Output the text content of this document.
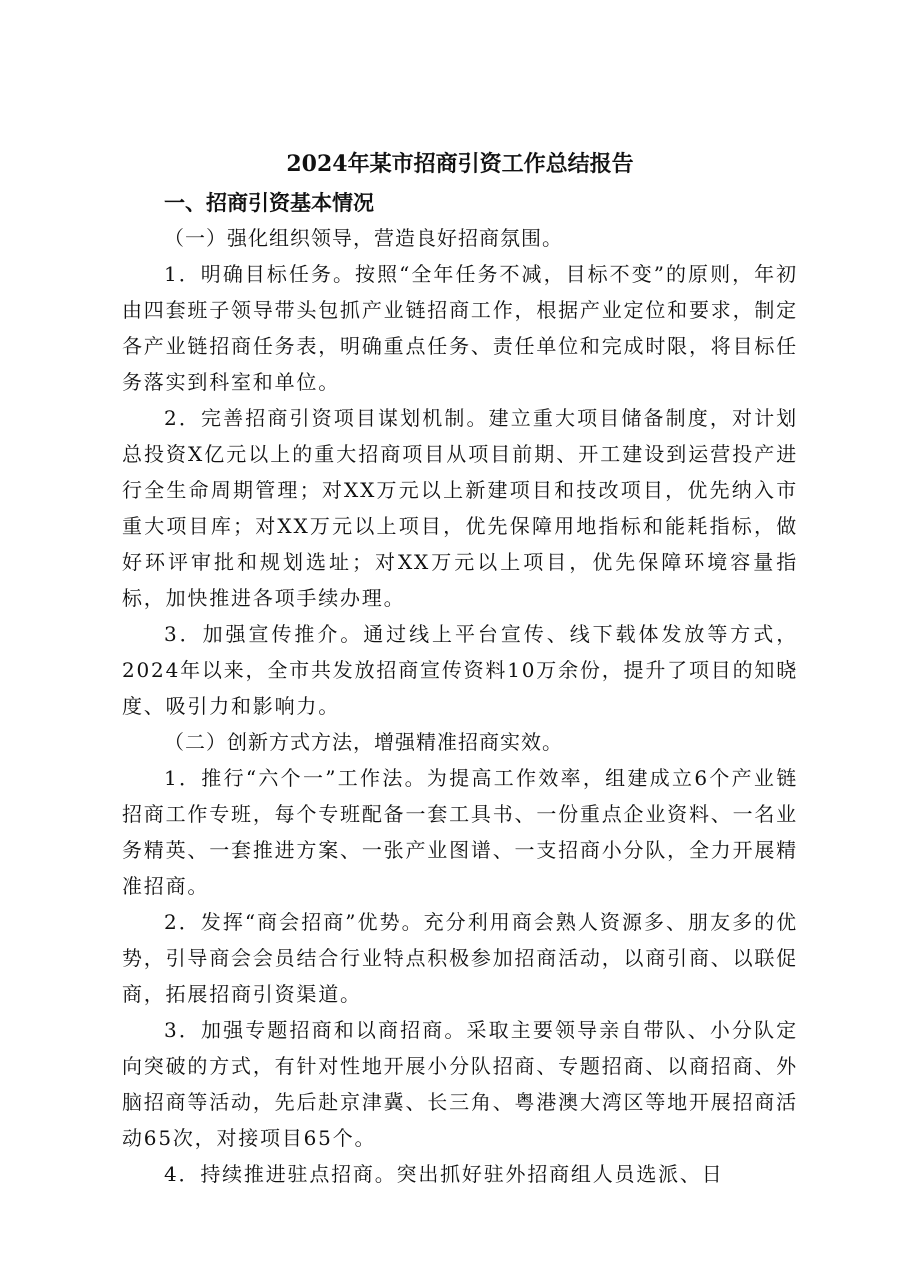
2024年某市招商引资工作总结报告

一、招商引资基本情况

（一）强化组织领导，营造良好招商氛围。

1．明确目标任务。按照“全年任务不减，目标不变”的原则，年初由四套班子领导带头包抓产业链招商工作，根据产业定位和要求，制定各产业链招商任务表，明确重点任务、责任单位和完成时限，将目标任务落实到科室和单位。

2．完善招商引资项目谋划机制。建立重大项目储备制度，对计划总投资X亿元以上的重大招商项目从项目前期、开工建设到运营投产进行全生命周期管理；对XX万元以上新建项目和技改项目，优先纳入市重大项目库；对XX万元以上项目，优先保障用地指标和能耗指标，做好环评审批和规划选址；对XX万元以上项目，优先保障环境容量指标，加快推进各项手续办理。

3．加强宣传推介。通过线上平台宣传、线下载体发放等方式，2024年以来，全市共发放招商宣传资料10万余份，提升了项目的知晓度、吸引力和影响力。

（二）创新方式方法，增强精准招商实效。

1．推行“六个一”工作法。为提高工作效率，组建成立6个产业链招商工作专班，每个专班配备一套工具书、一份重点企业资料、一名业务精英、一套推进方案、一张产业图谱、一支招商小分队，全力开展精准招商。

2．发挥“商会招商”优势。充分利用商会熟人资源多、朋友多的优势，引导商会会员结合行业特点积极参加招商活动，以商引商、以联促商，拓展招商引资渠道。

3．加强专题招商和以商招商。采取主要领导亲自带队、小分队定向突破的方式，有针对性地开展小分队招商、专题招商、以商招商、外脑招商等活动，先后赴京津冀、长三角、粤港澳大湾区等地开展招商活动65次，对接项目65个。

4．持续推进驻点招商。突出抓好驻外招商组人员选派、日
